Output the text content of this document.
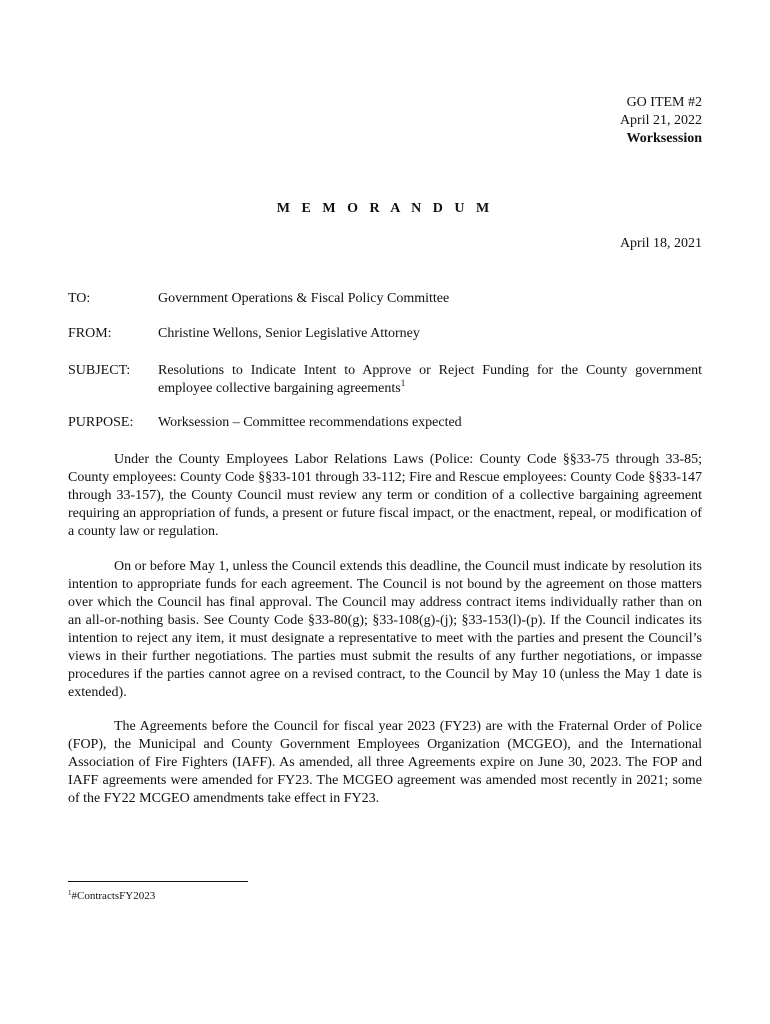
GO ITEM #2
April 21, 2022
Worksession
M E M O R A N D U M
April 18, 2021
TO:	Government Operations & Fiscal Policy Committee
FROM:	Christine Wellons, Senior Legislative Attorney
SUBJECT: Resolutions to Indicate Intent to Approve or Reject Funding for the County government employee collective bargaining agreements$^1$
PURPOSE: Worksession – Committee recommendations expected

Under the County Employees Labor Relations Laws (Police: County Code §§33-75 through 33-85; County employees: County Code §§33-101 through 33-112; Fire and Rescue employees: County Code §§33-147 through 33-157), the County Council must review any term or condition of a collective bargaining agreement requiring an appropriation of funds, a present or future fiscal impact, or the enactment, repeal, or modification of a county law or regulation.

On or before May 1, unless the Council extends this deadline, the Council must indicate by resolution its intention to appropriate funds for each agreement. The Council is not bound by the agreement on those matters over which the Council has final approval. The Council may address contract items individually rather than on an all-or-nothing basis. See County Code §33-80(g); §33-108(g)-(j); §33-153(l)-(p). If the Council indicates its intention to reject any item, it must designate a representative to meet with the parties and present the Council’s views in their further negotiations. The parties must submit the results of any further negotiations, or impasse procedures if the parties cannot agree on a revised contract, to the Council by May 10 (unless the May 1 date is extended).

The Agreements before the Council for fiscal year 2023 (FY23) are with the Fraternal Order of Police (FOP), the Municipal and County Government Employees Organization (MCGEO), and the International Association of Fire Fighters (IAFF). As amended, all three Agreements expire on June 30, 2023. The FOP and IAFF agreements were amended for FY23. The MCGEO agreement was amended most recently in 2021; some of the FY22 MCGEO amendments take effect in FY23.

$^1$#ContractsFY2023
